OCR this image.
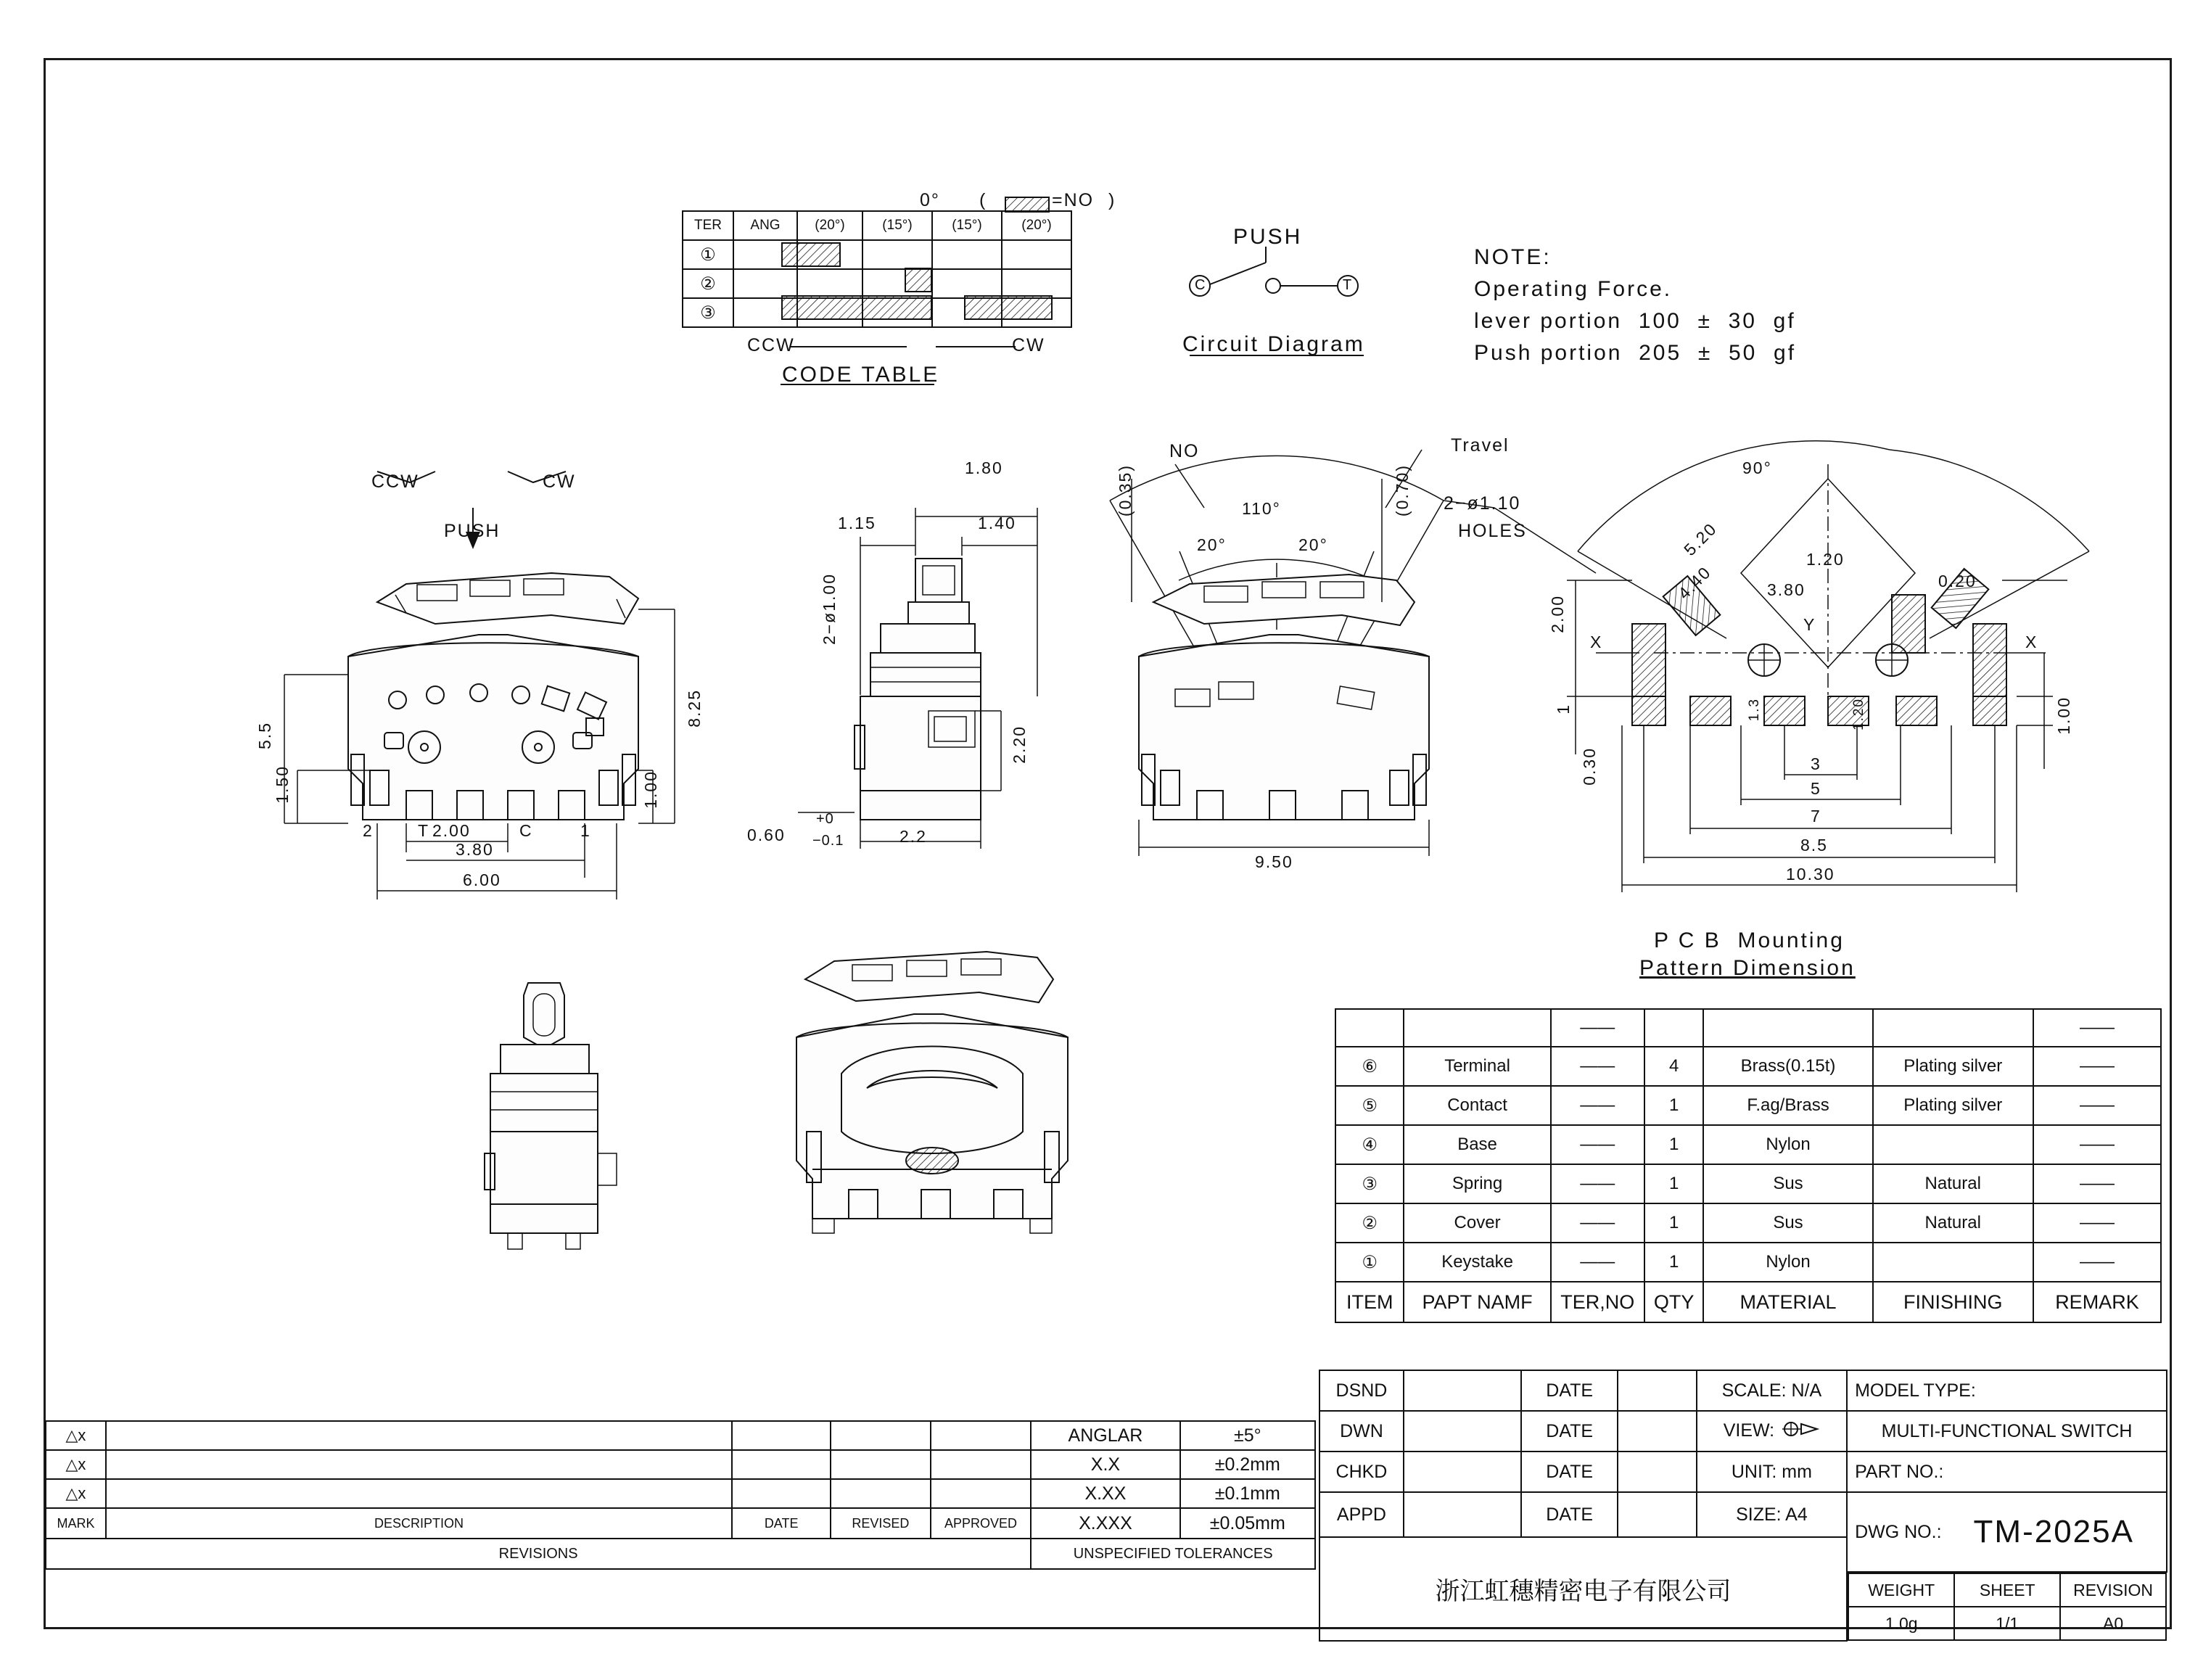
0° (	=NO )
TER	ANG	(20°)	(15°)	(15°)	(20°)
①					
②					
③					
CCW	CW
CODE TABLE
PUSH
C	T
Circuit Diagram
NOTE:
Operating Force.
lever portion  100  ±  30  gf
Push portion  205  ±  50  gf
CCW	CW
PUSH
5.5
1.50
8.25
1.00
2.00
3.80
6.00
2	T	C	1
1.80
1.40
1.15
2−ø1.00
2.20
2.2
0.60
+0
−0.1
NO	Travel
(0.35)	(0.70)
110°
20°	20°
9.50
2−ø1.10
HOLES
90°
5.20
4.40
1.20
3.80	0.20
2.00
1
0.30
1.3	1.20
3
5
7
8.5
10.30
1.00
X	X
Y
P C B  Mounting
Pattern Dimension
		——				——
⑥	Terminal	——	4	Brass(0.15t)	Plating silver	——
⑤	Contact	——	1	F.ag/Brass	Plating silver	——
④	Base	——	1	Nylon		——
③	Spring	——	1	Sus	Natural	——
②	Cover	——	1	Sus	Natural	——
①	Keystake	——	1	Nylon		——
ITEM	PAPT NAMF	TER,NO	QTY	MATERIAL	FINISHING	REMARK
△x					ANGLAR	±5°
△x					X.X	±0.2mm
△x					X.XX	±0.1mm
MARK	DESCRIPTION	DATE	REVISED	APPROVED	X.XXX	±0.05mm
REVISIONS					UNSPECIFIED TOLERANCES	
DSND		DATE		SCALE: N/A	MODEL TYPE:
DWN		DATE		VIEW:	MULTI-FUNCTIONAL SWITCH
CHKD		DATE		UNIT: mm	PART NO.:
APPD		DATE		SIZE: A4	
DWG NO.:	TM-2025A

浙江虹穗精密电子有限公司	WEIGHT	SHEET	REVISION
1.0g	1/1	A0
